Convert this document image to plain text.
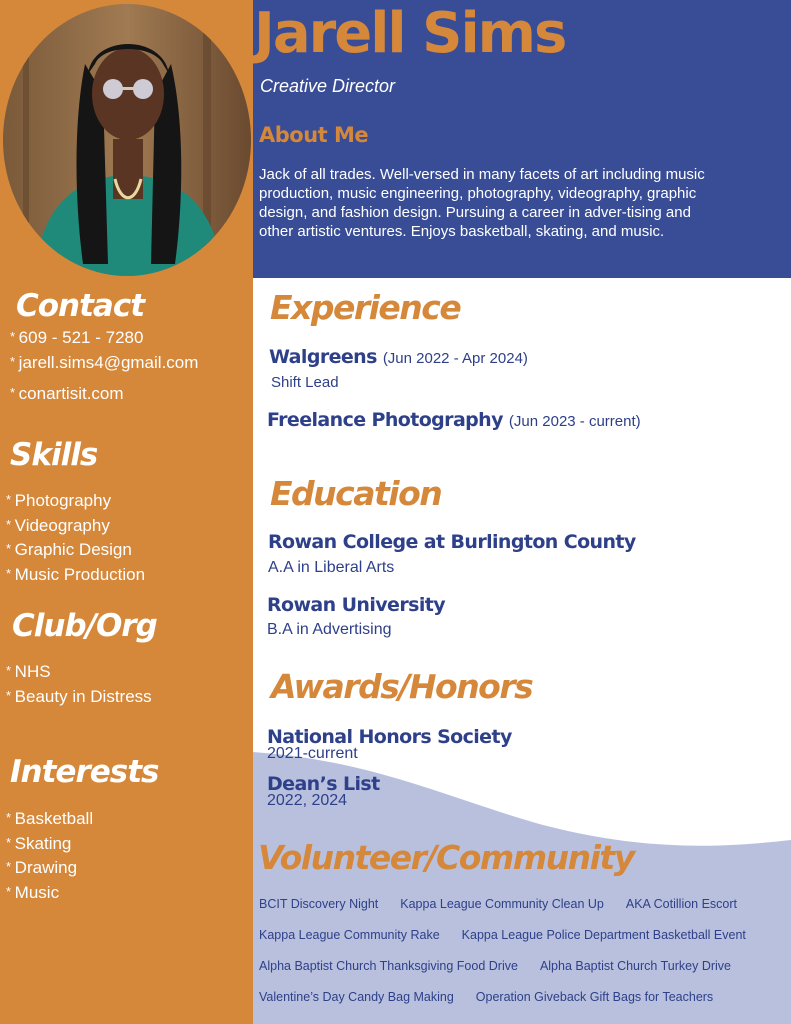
Jarell Sims
Creative Director
About Me
Jack of all trades. Well-versed in many facets of art including music production, music engineering, photography, videography, graphic design, and fashion design. Pursuing a career in adver-tising and other artistic ventures. Enjoys basketball, skating, and music.
Contact
* 609 - 521 - 7280
* jarell.sims4@gmail.com
* conartisit.com
Skills
* Photography
* Videography
* Graphic Design
* Music Production
Club/Org
* NHS
* Beauty in Distress
Interests
* Basketball
* Skating
* Drawing
* Music
Experience
Walgreens (Jun 2022 - Apr 2024)
Shift Lead
Freelance Photography (Jun 2023 - current)
Education
Rowan College at Burlington County
A.A in Liberal Arts
Rowan University
B.A in Advertising
Awards/Honors
National Honors Society
2021-current
Dean’s List
2022, 2024
Volunteer/Community
BCIT Discovery Night Kappa League Community Clean Up AKA Cotillion Escort
Kappa League Community Rake Kappa League Police Department Basketball Event
Alpha Baptist Church Thanksgiving Food Drive Alpha Baptist Church Turkey Drive
Valentine’s Day Candy Bag Making Operation Giveback Gift Bags for Teachers
